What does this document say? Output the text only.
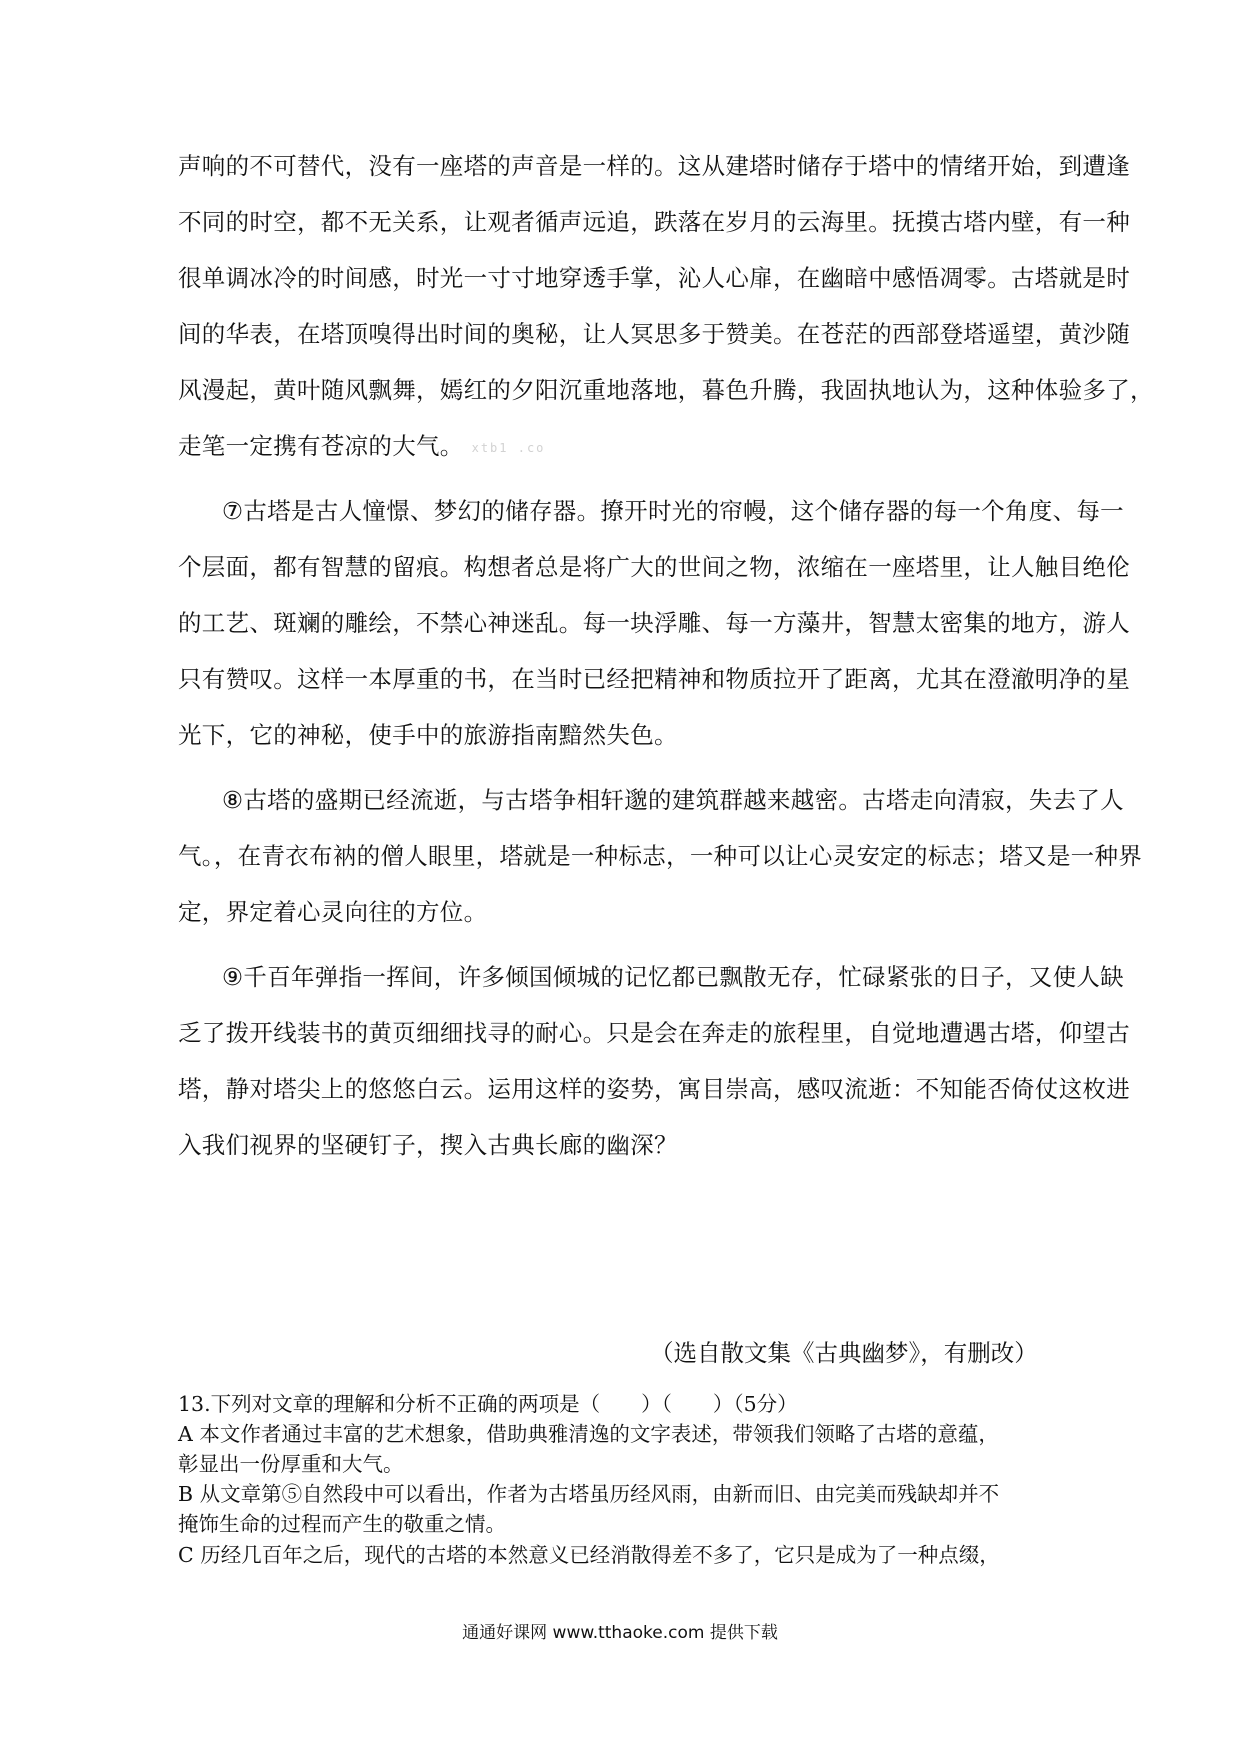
声响的不可替代，没有一座塔的声音是一样的。这从建塔时储存于塔中的情绪开始，到遭逢
不同的时空，都不无关系，让观者循声远追，跌落在岁月的云海里。抚摸古塔内壁，有一种
很单调冰冷的时间感，时光一寸寸地穿透手掌，沁人心扉，在幽暗中感悟凋零。古塔就是时
间的华表，在塔顶嗅得出时间的奥秘，让人冥思多于赞美。在苍茫的西部登塔遥望，黄沙随
风漫起，黄叶随风飘舞，嫣红的夕阳沉重地落地，暮色升腾，我固执地认为，这种体验多了，
走笔一定携有苍凉的大气。 xtb1 .co
⑦古塔是古人憧憬、梦幻的储存器。撩开时光的帘幔，这个储存器的每一个角度、每一
个层面，都有智慧的留痕。构想者总是将广大的世间之物，浓缩在一座塔里，让人触目绝伦
的工艺、斑斓的雕绘，不禁心神迷乱。每一块浮雕、每一方藻井，智慧太密集的地方，游人
只有赞叹。这样一本厚重的书，在当时已经把精神和物质拉开了距离，尤其在澄澈明净的星
光下，它的神秘，使手中的旅游指南黯然失色。
⑧古塔的盛期已经流逝，与古塔争相轩邈的建筑群越来越密。古塔走向清寂，失去了人
气。，在青衣布衲的僧人眼里，塔就是一种标志，一种可以让心灵安定的标志；塔又是一种界
定，界定着心灵向往的方位。
⑨千百年弹指一挥间，许多倾国倾城的记忆都已飘散无存，忙碌紧张的日子，又使人缺
乏了拨开线装书的黄页细细找寻的耐心。只是会在奔走的旅程里，自觉地遭遇古塔，仰望古
塔，静对塔尖上的悠悠白云。运用这样的姿势，寓目崇高，感叹流逝：不知能否倚仗这枚进
入我们视界的坚硬钉子，揳入古典长廊的幽深？
（选自散文集《古典幽梦》，有删改）
13.下列对文章的理解和分析不正确的两项是（　　）（　　）（5分）
A 本文作者通过丰富的艺术想象，借助典雅清逸的文字表述，带领我们领略了古塔的意蕴，
彰显出一份厚重和大气。
B 从文章第⑤自然段中可以看出，作者为古塔虽历经风雨，由新而旧、由完美而残缺却并不
掩饰生命的过程而产生的敬重之情。
C 历经几百年之后，现代的古塔的本然意义已经消散得差不多了，它只是成为了一种点缀，
通通好课网 www.tthaoke.com 提供下载
